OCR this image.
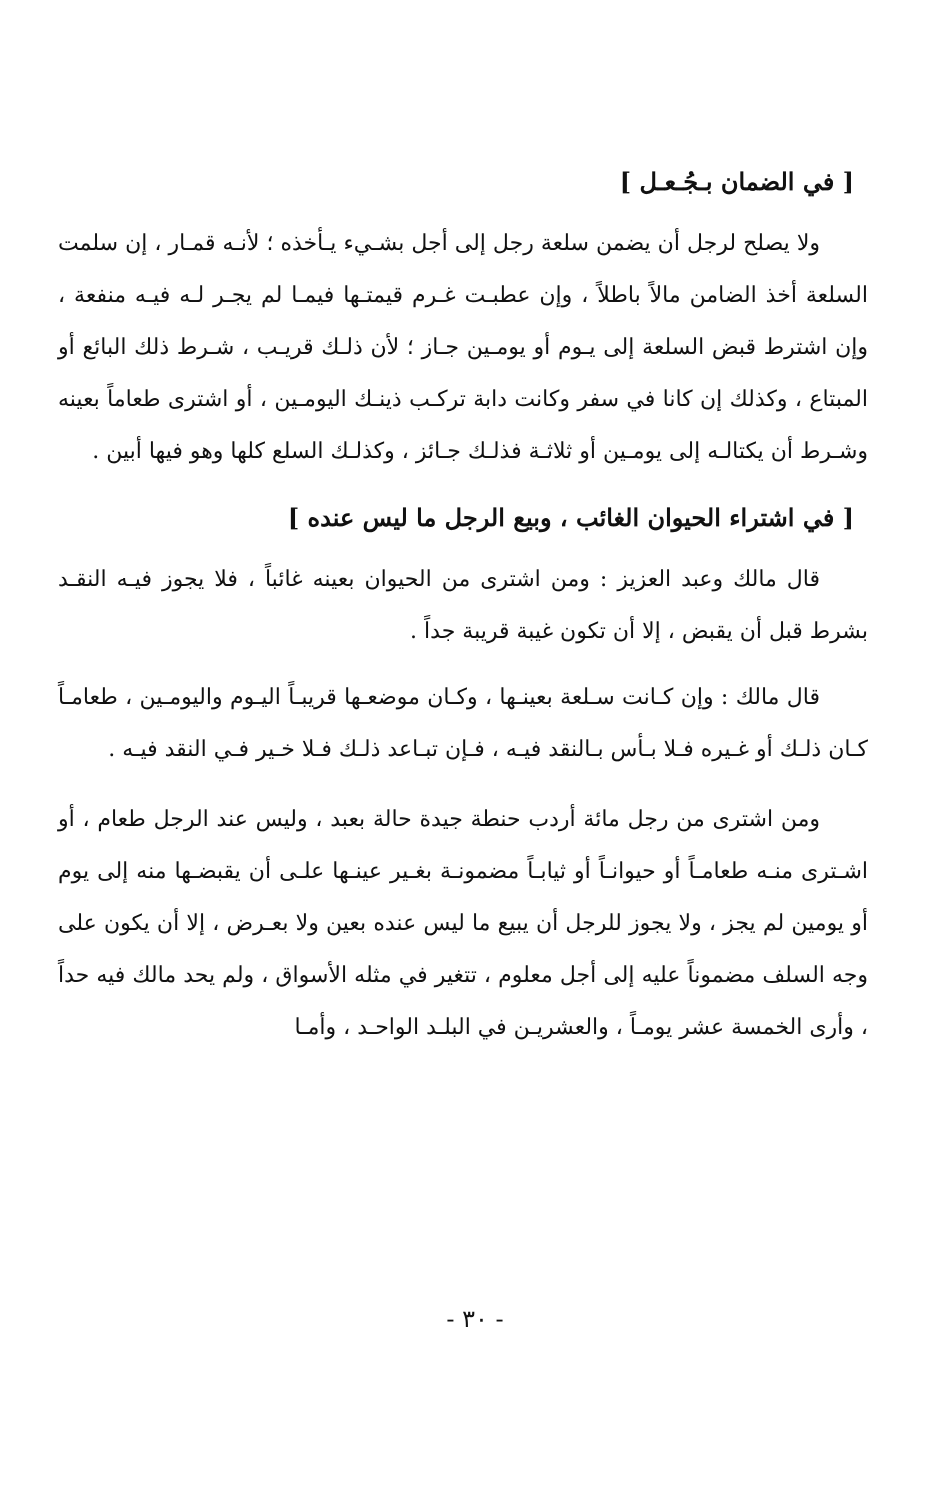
[ في الضمان بـجُـعـل ]

ولا يصلح لرجل أن يضمن سلعة رجل إلى أجل بشـيء يـأخذه ؛ لأنـه قمـار ، إن سلمت السلعة أخذ الضامن مالاً باطلاً ، وإن عطبـت غـرم قيمتـها فيمـا لم يجـر لـه فيـه منفعة ، وإن اشترط قبض السلعة إلى يـوم أو يومـين جـاز ؛ لأن ذلـك قريـب ، شـرط ذلك البائع أو المبتاع ، وكذلك إن كانا في سفر وكانت دابة تركـب ذينـك اليومـين ، أو اشترى طعاماً بعينه وشـرط أن يكتالـه إلى يومـين أو ثلاثـة فذلـك جـائز ، وكذلـك السلع كلها وهو فيها أبين .

[ في اشتراء الحيوان الغائب ، وبيع الرجل ما ليس عنده ]

قال مالك وعبد العزيز : ومن اشترى من الحيوان بعينه غائباً ، فلا يجوز فيـه النقـد بشرط قبل أن يقبض ، إلا أن تكون غيبة قريبة جداً .

قال مالك : وإن كـانت سـلعة بعينـها ، وكـان موضعـها قريبـاً اليـوم واليومـين ، طعامـاً كـان ذلـك أو غـيره فـلا بـأس بـالنقد فيـه ، فـإن تبـاعد ذلـك فـلا خـير فـي النقد فيـه .

ومن اشترى من رجل مائة أردب حنطة جيدة حالة بعبد ، وليس عند الرجل طعام ، أو اشـترى منـه طعامـاً أو حيوانـاً أو ثيابـاً مضمونـة بغـير عينـها علـى أن يقبضـها منه إلى يوم أو يومين لم يجز ، ولا يجوز للرجل أن يبيع ما ليس عنده بعين ولا بعـرض ، إلا أن يكون على وجه السلف مضموناً عليه إلى أجل معلوم ، تتغير في مثله الأسواق ، ولم يحد مالك فيه حداً ، وأرى الخمسة عشر يومـاً ، والعشريـن في البلـد الواحـد ، وأمـا

- ٣٠ -
